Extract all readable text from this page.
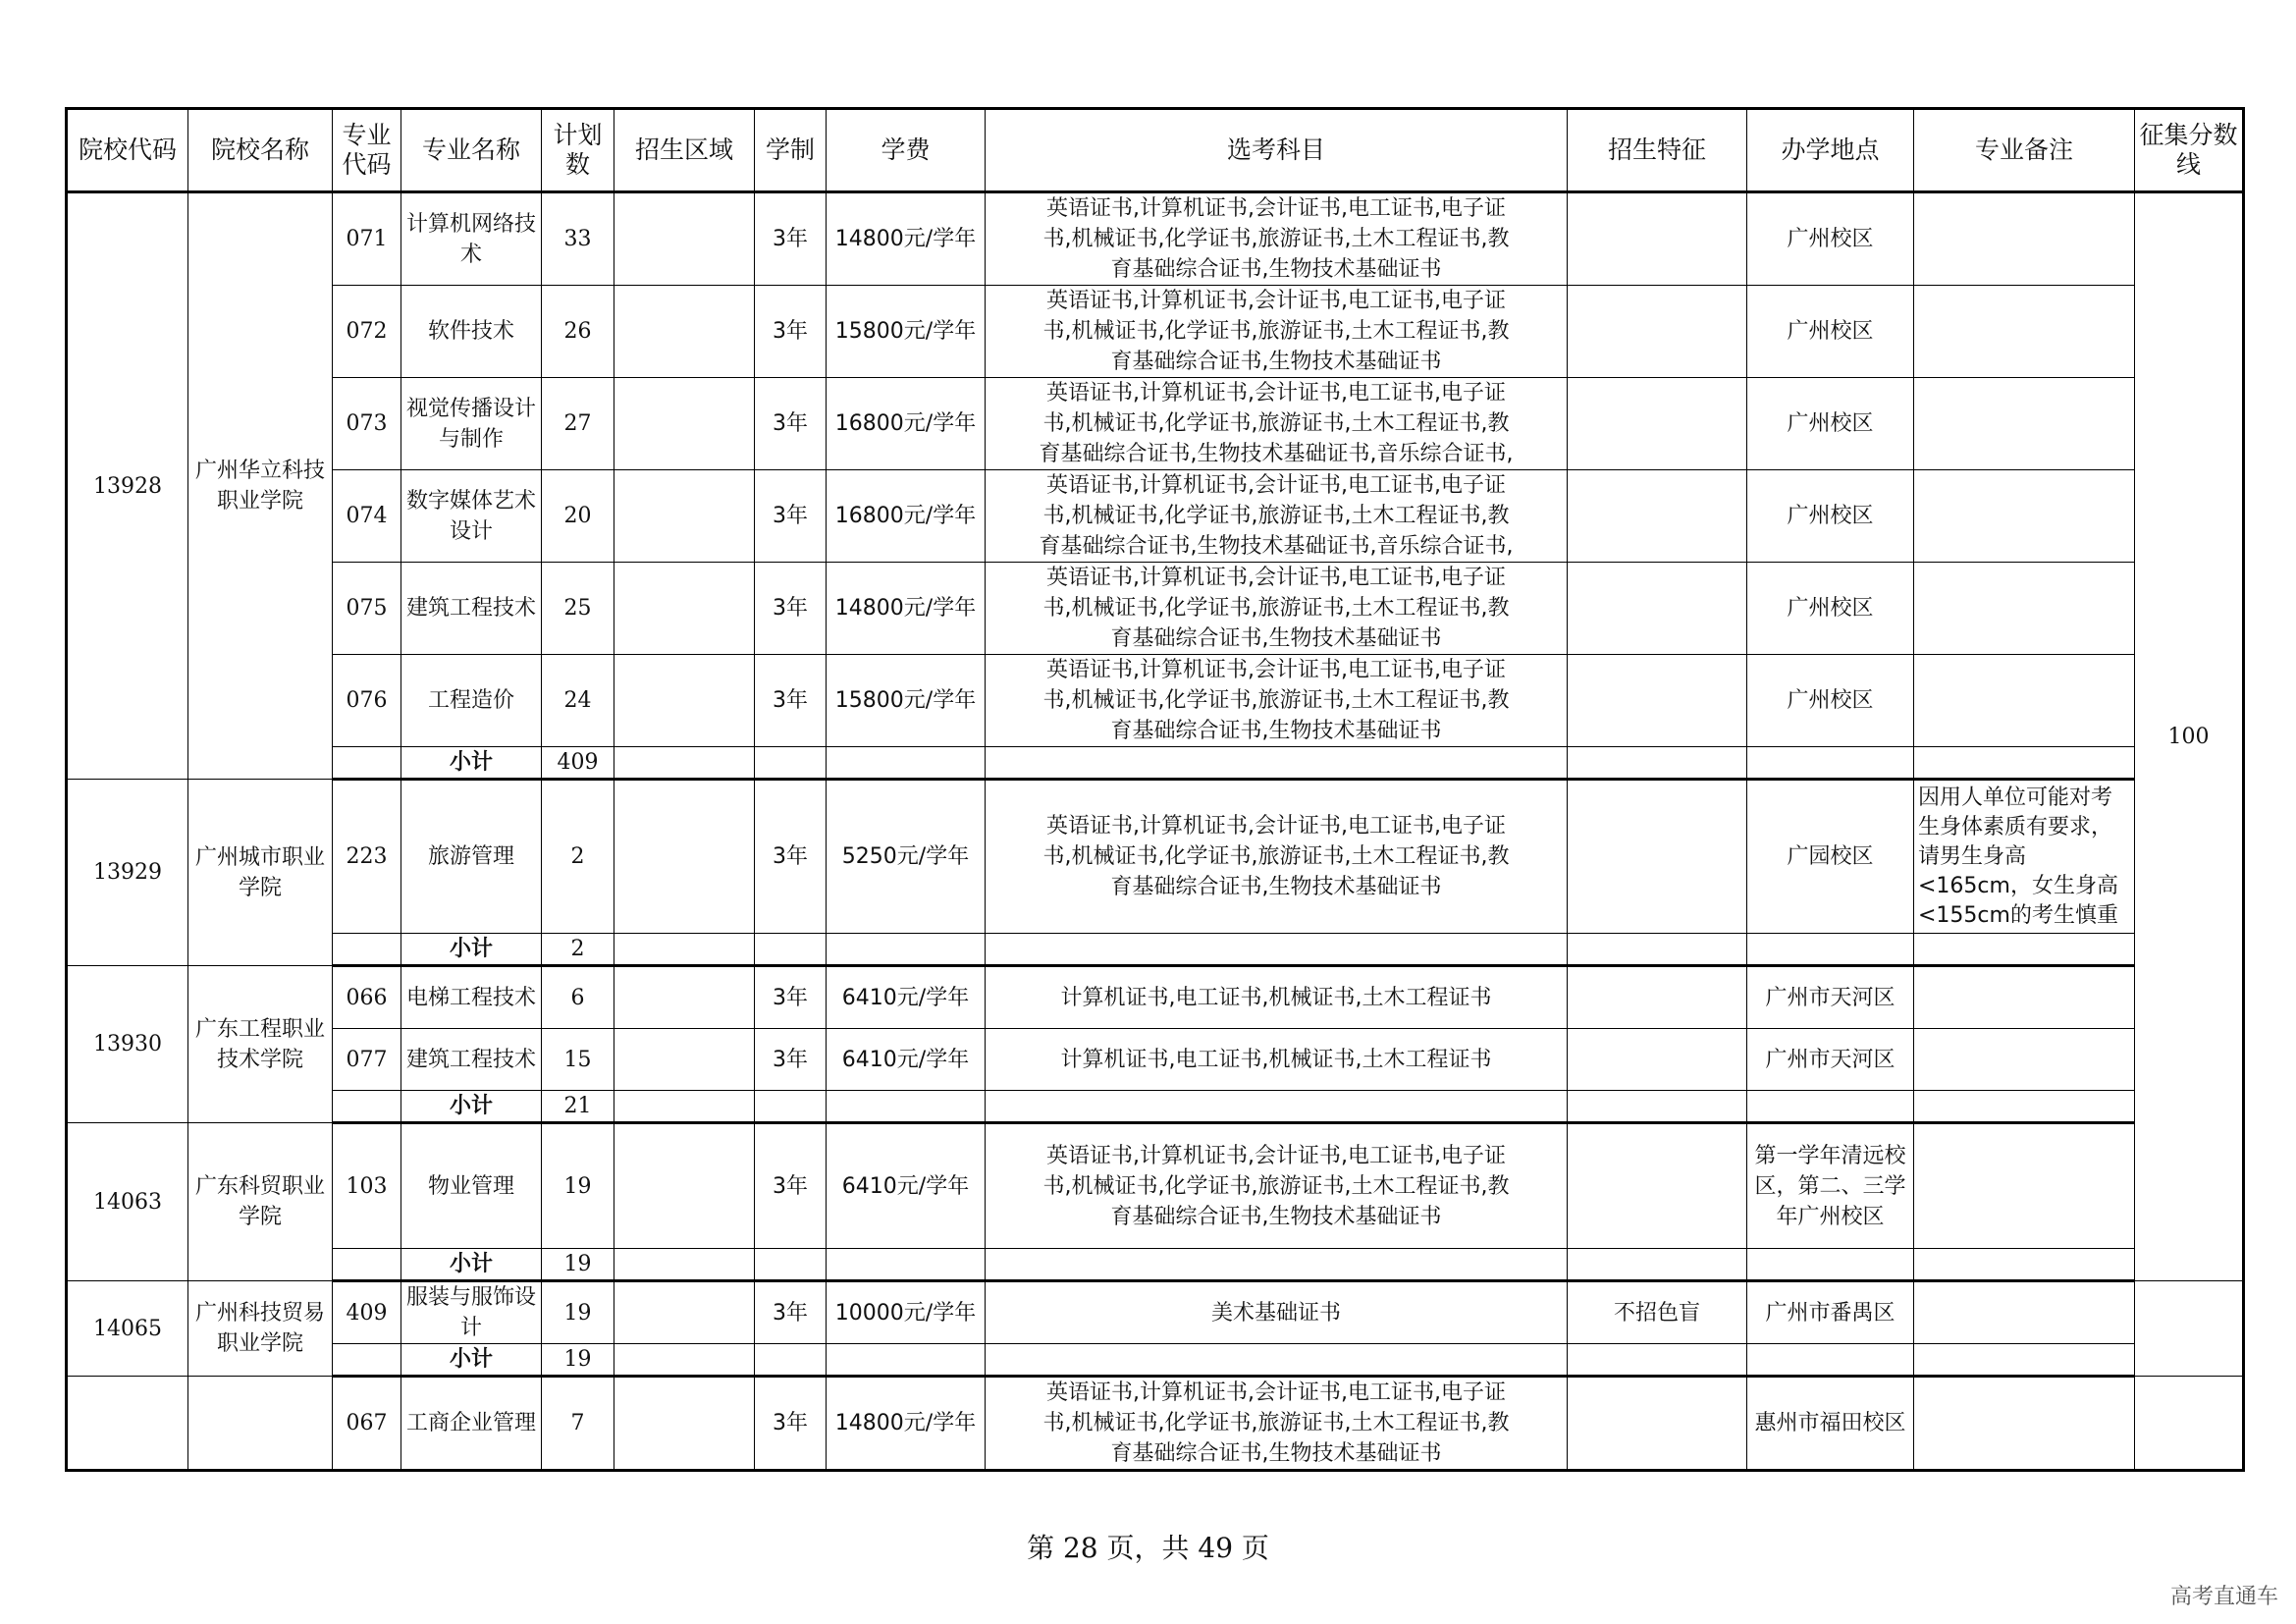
院校代码	院校名称	专业代码	专业名称	计划数	招生区域	学制	学费	选考科目	招生特征	办学地点	专业备注	征集分数线
13928	广州华立科技职业学院	071	计算机网络技术	33		3年	14800元/学年	英语证书,计算机证书,会计证书,电工证书,电子证
书,机械证书,化学证书,旅游证书,土木工程证书,教
育基础综合证书,生物技术基础证书		广州校区		100
		072	软件技术	26		3年	15800元/学年	英语证书,计算机证书,会计证书,电工证书,电子证
书,机械证书,化学证书,旅游证书,土木工程证书,教
育基础综合证书,生物技术基础证书		广州校区		
		073	视觉传播设计与制作	27		3年	16800元/学年	英语证书,计算机证书,会计证书,电工证书,电子证
书,机械证书,化学证书,旅游证书,土木工程证书,教
育基础综合证书,生物技术基础证书,音乐综合证书,		广州校区		
		074	数字媒体艺术设计	20		3年	16800元/学年	英语证书,计算机证书,会计证书,电工证书,电子证
书,机械证书,化学证书,旅游证书,土木工程证书,教
育基础综合证书,生物技术基础证书,音乐综合证书,		广州校区		
		075	建筑工程技术	25		3年	14800元/学年	英语证书,计算机证书,会计证书,电工证书,电子证
书,机械证书,化学证书,旅游证书,土木工程证书,教
育基础综合证书,生物技术基础证书		广州校区		
		076	工程造价	24		3年	15800元/学年	英语证书,计算机证书,会计证书,电工证书,电子证
书,机械证书,化学证书,旅游证书,土木工程证书,教
育基础综合证书,生物技术基础证书		广州校区		
			小计	409								
13929	广州城市职业学院	223	旅游管理	2		3年	5250元/学年	英语证书,计算机证书,会计证书,电工证书,电子证
书,机械证书,化学证书,旅游证书,土木工程证书,教
育基础综合证书,生物技术基础证书		广园校区	因用人单位可能对考生身体素质有要求，请男生身高<165cm，女生身高<155cm的考生慎重	
			小计	2								
13930	广东工程职业技术学院	066	电梯工程技术	6		3年	6410元/学年	计算机证书,电工证书,机械证书,土木工程证书		广州市天河区		
		077	建筑工程技术	15		3年	6410元/学年	计算机证书,电工证书,机械证书,土木工程证书		广州市天河区		
			小计	21								
14063	广东科贸职业学院	103	物业管理	19		3年	6410元/学年	英语证书,计算机证书,会计证书,电工证书,电子证
书,机械证书,化学证书,旅游证书,土木工程证书,教
育基础综合证书,生物技术基础证书		第一学年清远校区，第二、三学年广州校区		
			小计	19								
14065	广州科技贸易职业学院	409	服装与服饰设计	19		3年	10000元/学年	美术基础证书	不招色盲	广州市番禺区		
			小计	19								
		067	工商企业管理	7		3年	14800元/学年	英语证书,计算机证书,会计证书,电工证书,电子证
书,机械证书,化学证书,旅游证书,土木工程证书,教
育基础综合证书,生物技术基础证书		惠州市福田校区		
第 28 页，共 49 页
高考直通车
